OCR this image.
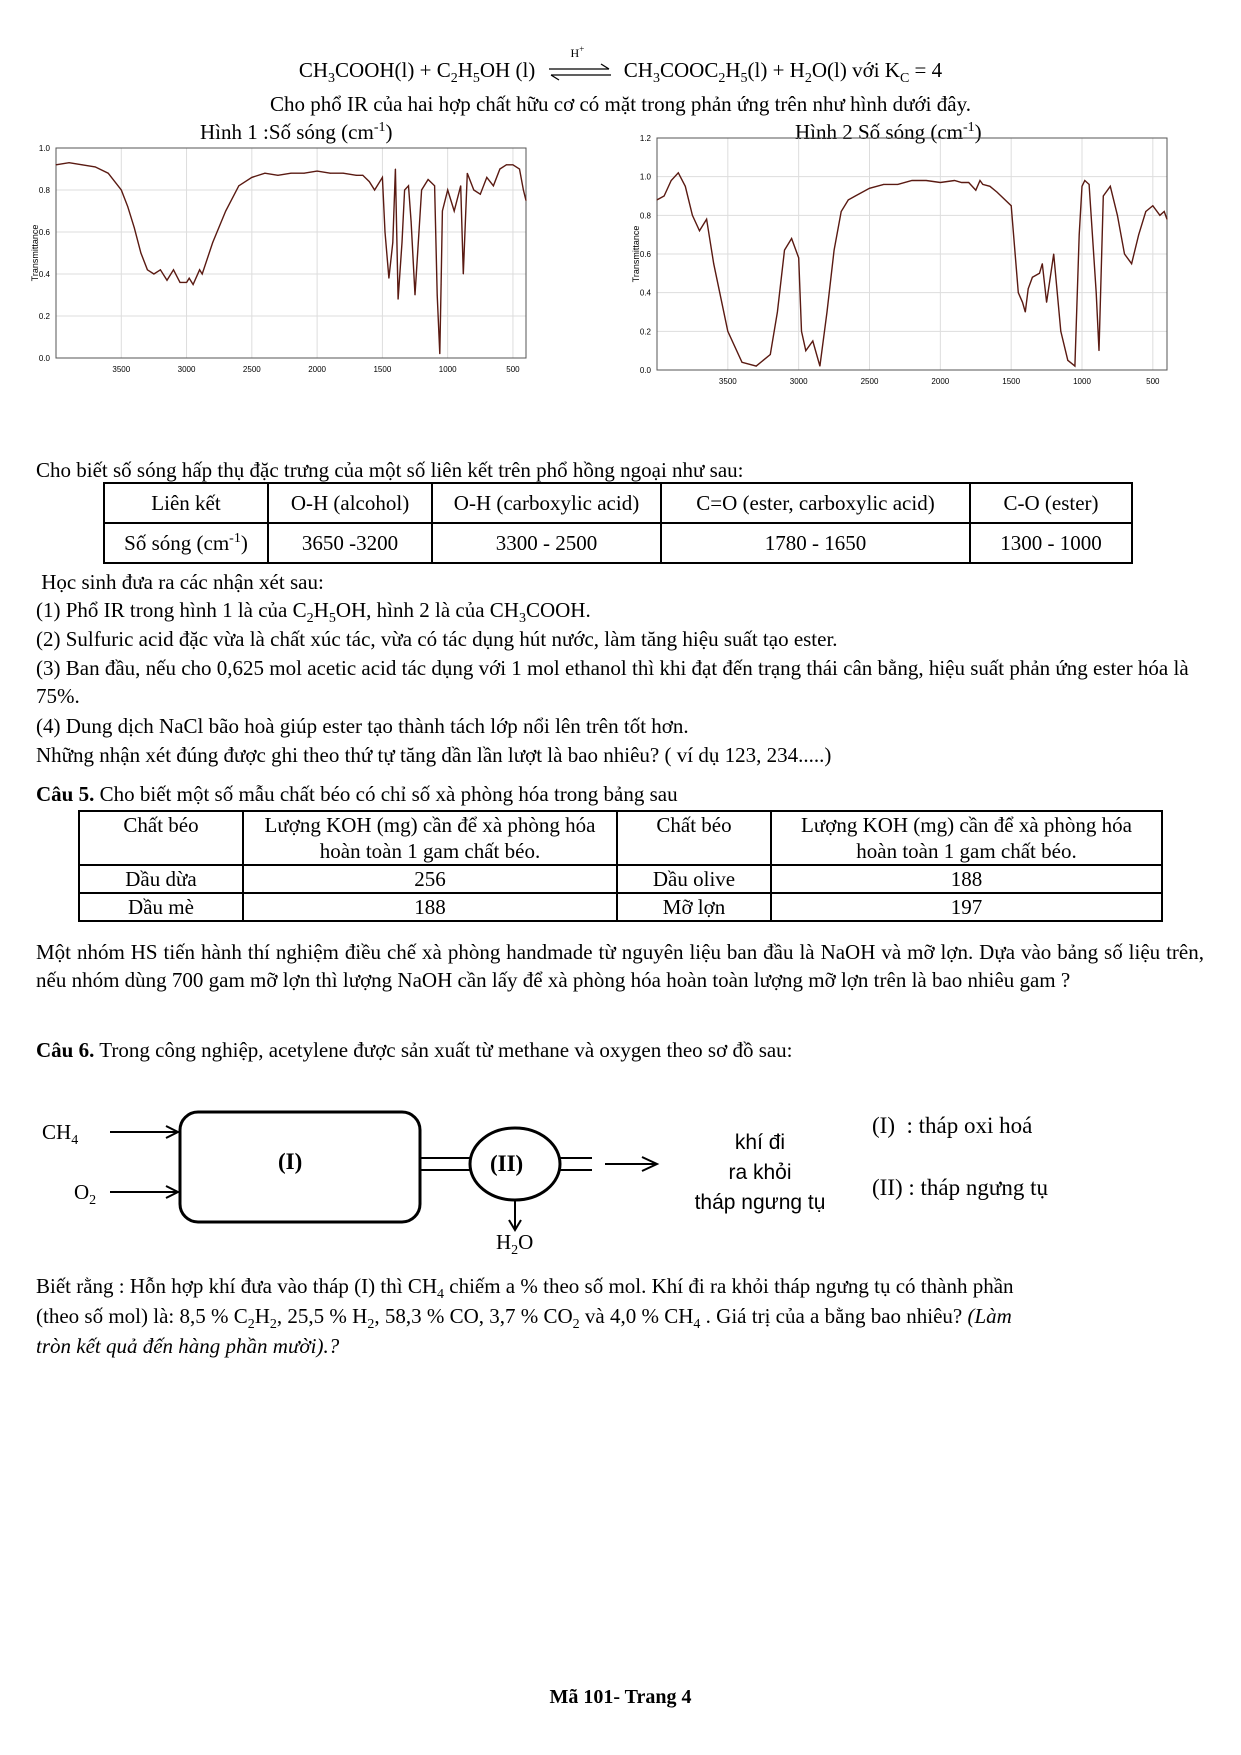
$CH_3COOH(l) + C_2H_5OH$ (l)
H+
$CH_3COOC_2H_5(l) + H_2O(l)$ với $K_C = 4$
Cho phổ IR của hai hợp chất hữu cơ có mặt trong phản ứng trên như hình dưới đây.
Hình 1 :Số sóng $(cm^{-1})$	Hình 2 Số sóng $(cm^{-1})$
0.0
0.2
0.4
0.6
0.8
1.0
3500	3000	2500	2000	1500	1000	500
Transmittance
0.0
0.2
0.4
0.6
0.8
1.0
1.2
3500	3000	2500	2000	1500	1000	500
Transmittance

Cho biết số sóng hấp thụ đặc trưng của một số liên kết trên phổ hồng ngoại như sau:

Liên kết	O-H (alcohol)	O-H (carboxylic acid)	C=O (ester, carboxylic acid)	C-O (ester)
Số sóng $(cm^{-1})$	3650 -3200	3300 - 2500	1780 - 1650	1300 - 1000

Học sinh đưa ra các nhận xét sau:

(1) Phổ IR trong hình 1 là của $C_2H_5OH$, hình 2 là của $CH_3COOH$.

(2) Sulfuric acid đặc vừa là chất xúc tác, vừa có tác dụng hút nước, làm tăng hiệu suất tạo ester.

(3) Ban đầu, nếu cho 0,625 mol acetic acid tác dụng với 1 mol ethanol thì khi đạt đến trạng thái cân bằng, hiệu suất phản ứng ester hóa là 75%.

(4) Dung dịch NaCl bão hoà giúp ester tạo thành tách lớp nổi lên trên tốt hơn.

Những nhận xét đúng được ghi theo thứ tự tăng dần lần lượt là bao nhiêu? ( ví dụ 123, 234.....)

Câu 5. Cho biết một số mẫu chất béo có chỉ số xà phòng hóa trong bảng sau

Chất béo	Lượng KOH (mg) cần để xà phòng hóa hoàn toàn 1 gam chất béo.	Chất béo	Lượng KOH (mg) cần để xà phòng hóa hoàn toàn 1 gam chất béo.
Dầu dừa	256	Dầu olive	188
Dầu mè	188	Mỡ lợn	197

Một nhóm HS tiến hành thí nghiệm điều chế xà phòng handmade từ nguyên liệu ban đầu là NaOH và mỡ lợn. Dựa vào bảng số liệu trên, nếu nhóm dùng 700 gam mỡ lợn thì lượng NaOH cần lấy để xà phòng hóa hoàn toàn lượng mỡ lợn trên là bao nhiêu gam ?

Câu 6. Trong công nghiệp, acetylene được sản xuất từ methane và oxygen theo sơ đồ sau:

$CH_4$
$O_2$
(I)	(II)
$H_2O$
khí đi
ra khỏi
tháp ngưng tụ
(I)  : tháp oxi hoá
(II) : tháp ngưng tụ

Biết rằng : Hỗn hợp khí đưa vào tháp (I) thì $CH_4$ chiếm a % theo số mol. Khí đi ra khỏi tháp ngưng tụ có thành phần

(theo số mol) là: 8,5 % $C_2H_2$, 25,5 % $H_2$, 58,3 % CO, 3,7 % $CO_2$ và 4,0 % $CH_4$ . Giá trị của a bằng bao nhiêu? (Làm

tròn kết quả đến hàng phần mười).?

Mã 101- Trang 4
